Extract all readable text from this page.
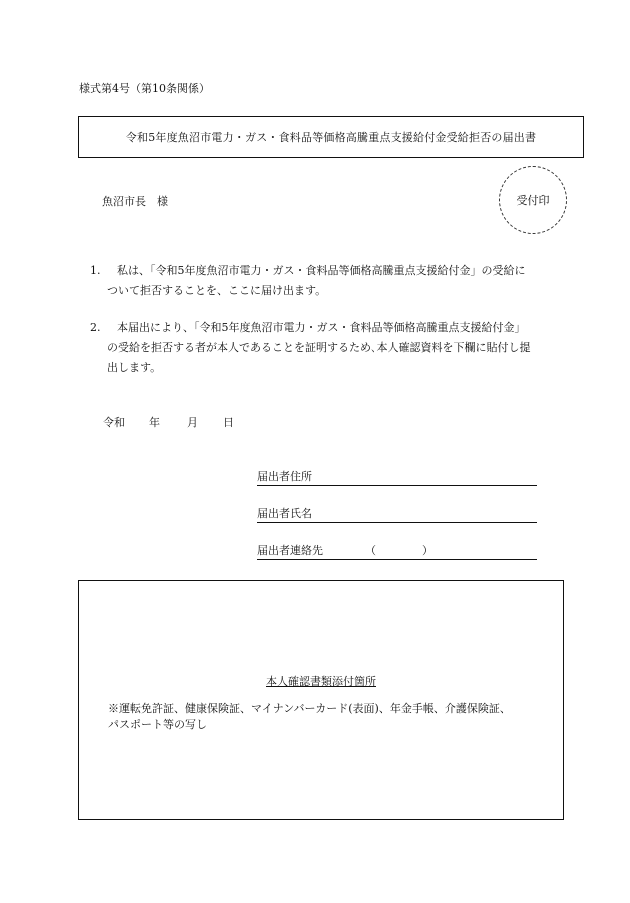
様式第4号（第10条関係）
令和5年度魚沼市電力・ガス・食料品等価格高騰重点支援給付金受給拒否の届出書
魚沼市長　様	受付印
1.	私は、「令和5年度魚沼市電力・ガス・食料品等価格高騰重点支援給付金」の受給に
ついて拒否することを、ここに届け出ます。
2.	本届出により、「令和5年度魚沼市電力・ガス・食料品等価格高騰重点支援給付金」
の受給を拒否する者が本人であることを証明するため､本人確認資料を下欄に貼付し提
出します。
令和	年	月	日
届出者住所
届出者氏名
届出者連絡先	（	）
本人確認書類添付箇所
※運転免許証、健康保険証、マイナンバーカード(表面)、年金手帳、介護保険証、
パスポート等の写し
